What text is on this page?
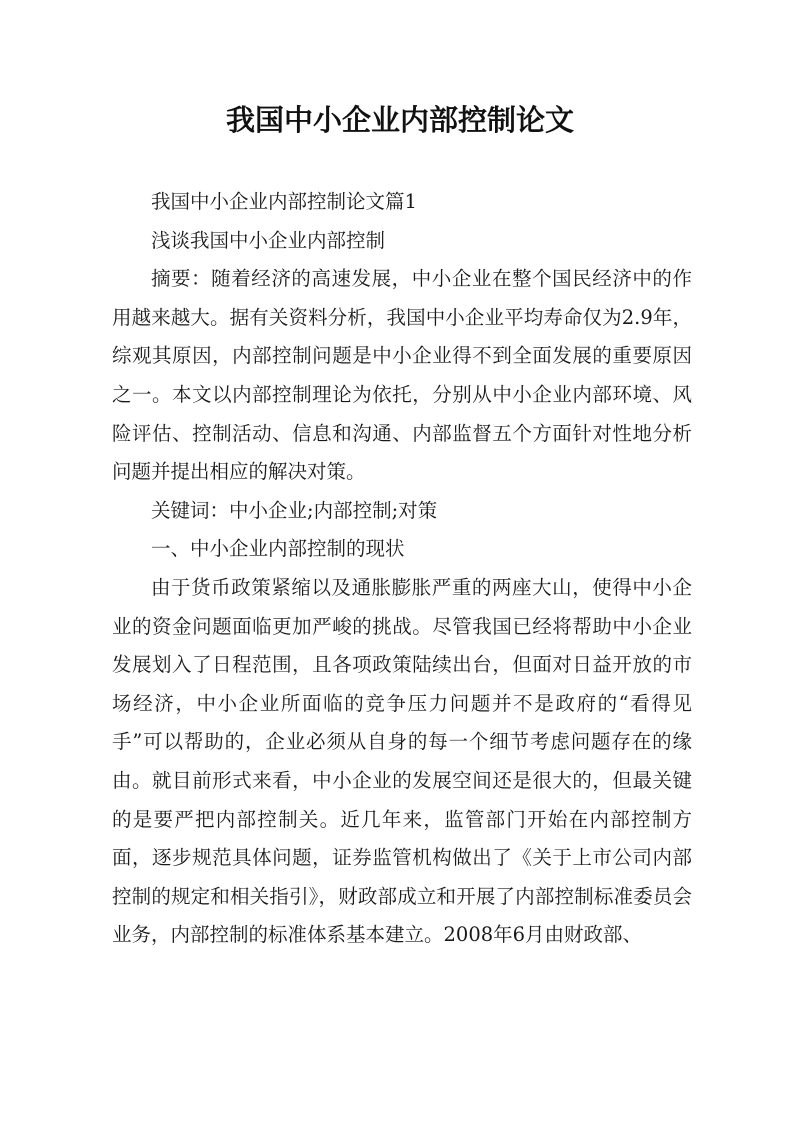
我国中小企业内部控制论文

我国中小企业内部控制论文篇1

浅谈我国中小企业内部控制

摘要：随着经济的高速发展，中小企业在整个国民经济中的作用越来越大。据有关资料分析，我国中小企业平均寿命仅为2.9年，综观其原因，内部控制问题是中小企业得不到全面发展的重要原因之一。本文以内部控制理论为依托，分别从中小企业内部环境、风险评估、控制活动、信息和沟通、内部监督五个方面针对性地分析问题并提出相应的解决对策。

关键词：中小企业;内部控制;对策

一、中小企业内部控制的现状

由于货币政策紧缩以及通胀膨胀严重的两座大山，使得中小企业的资金问题面临更加严峻的挑战。尽管我国已经将帮助中小企业发展划入了日程范围，且各项政策陆续出台，但面对日益开放的市场经济，中小企业所面临的竞争压力问题并不是政府的“看得见手”可以帮助的，企业必须从自身的每一个细节考虑问题存在的缘由。就目前形式来看，中小企业的发展空间还是很大的，但最关键的是要严把内部控制关。近几年来，监管部门开始在内部控制方面，逐步规范具体问题，证券监管机构做出了《关于上市公司内部控制的规定和相关指引》，财政部成立和开展了内部控制标准委员会业务，内部控制的标准体系基本建立。2008年6月由财政部、
